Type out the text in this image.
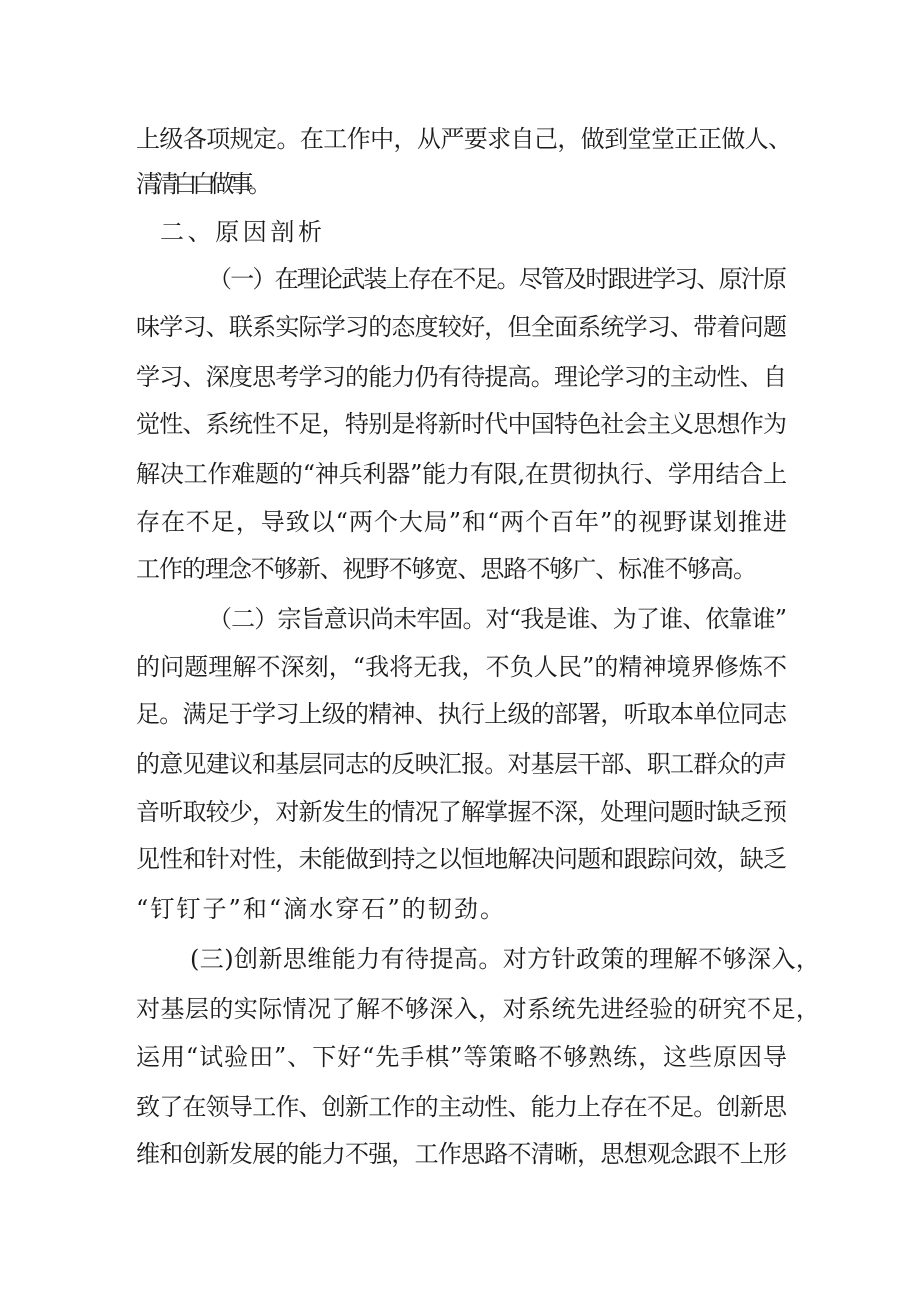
上级各项规定。在工作中，从严要求自己，做到堂堂正正做人、

清清白白做事。

二、原因剖析

（一）在理论武装上存在不足。尽管及时跟进学习、原汁原

味学习、联系实际学习的态度较好，但全面系统学习、带着问题

学习、深度思考学习的能力仍有待提高。理论学习的主动性、自

觉性、系统性不足，特别是将新时代中国特色社会主义思想作为

解决工作难题的“神兵利器”能力有限,在贯彻执行、学用结合上

存在不足，导致以“两个大局”和“两个百年”的视野谋划推进

工作的理念不够新、视野不够宽、思路不够广、标准不够高。

（二）宗旨意识尚未牢固。对“我是谁、为了谁、依靠谁”

的问题理解不深刻，“我将无我，不负人民”的精神境界修炼不

足。满足于学习上级的精神、执行上级的部署，听取本单位同志

的意见建议和基层同志的反映汇报。对基层干部、职工群众的声

音听取较少，对新发生的情况了解掌握不深，处理问题时缺乏预

见性和针对性，未能做到持之以恒地解决问题和跟踪问效，缺乏

“钉钉子”和“滴水穿石”的韧劲。

(三)创新思维能力有待提高。对方针政策的理解不够深入，

对基层的实际情况了解不够深入，对系统先进经验的研究不足，

运用“试验田”、下好“先手棋”等策略不够熟练，这些原因导

致了在领导工作、创新工作的主动性、能力上存在不足。创新思

维和创新发展的能力不强，工作思路不清晰，思想观念跟不上形
